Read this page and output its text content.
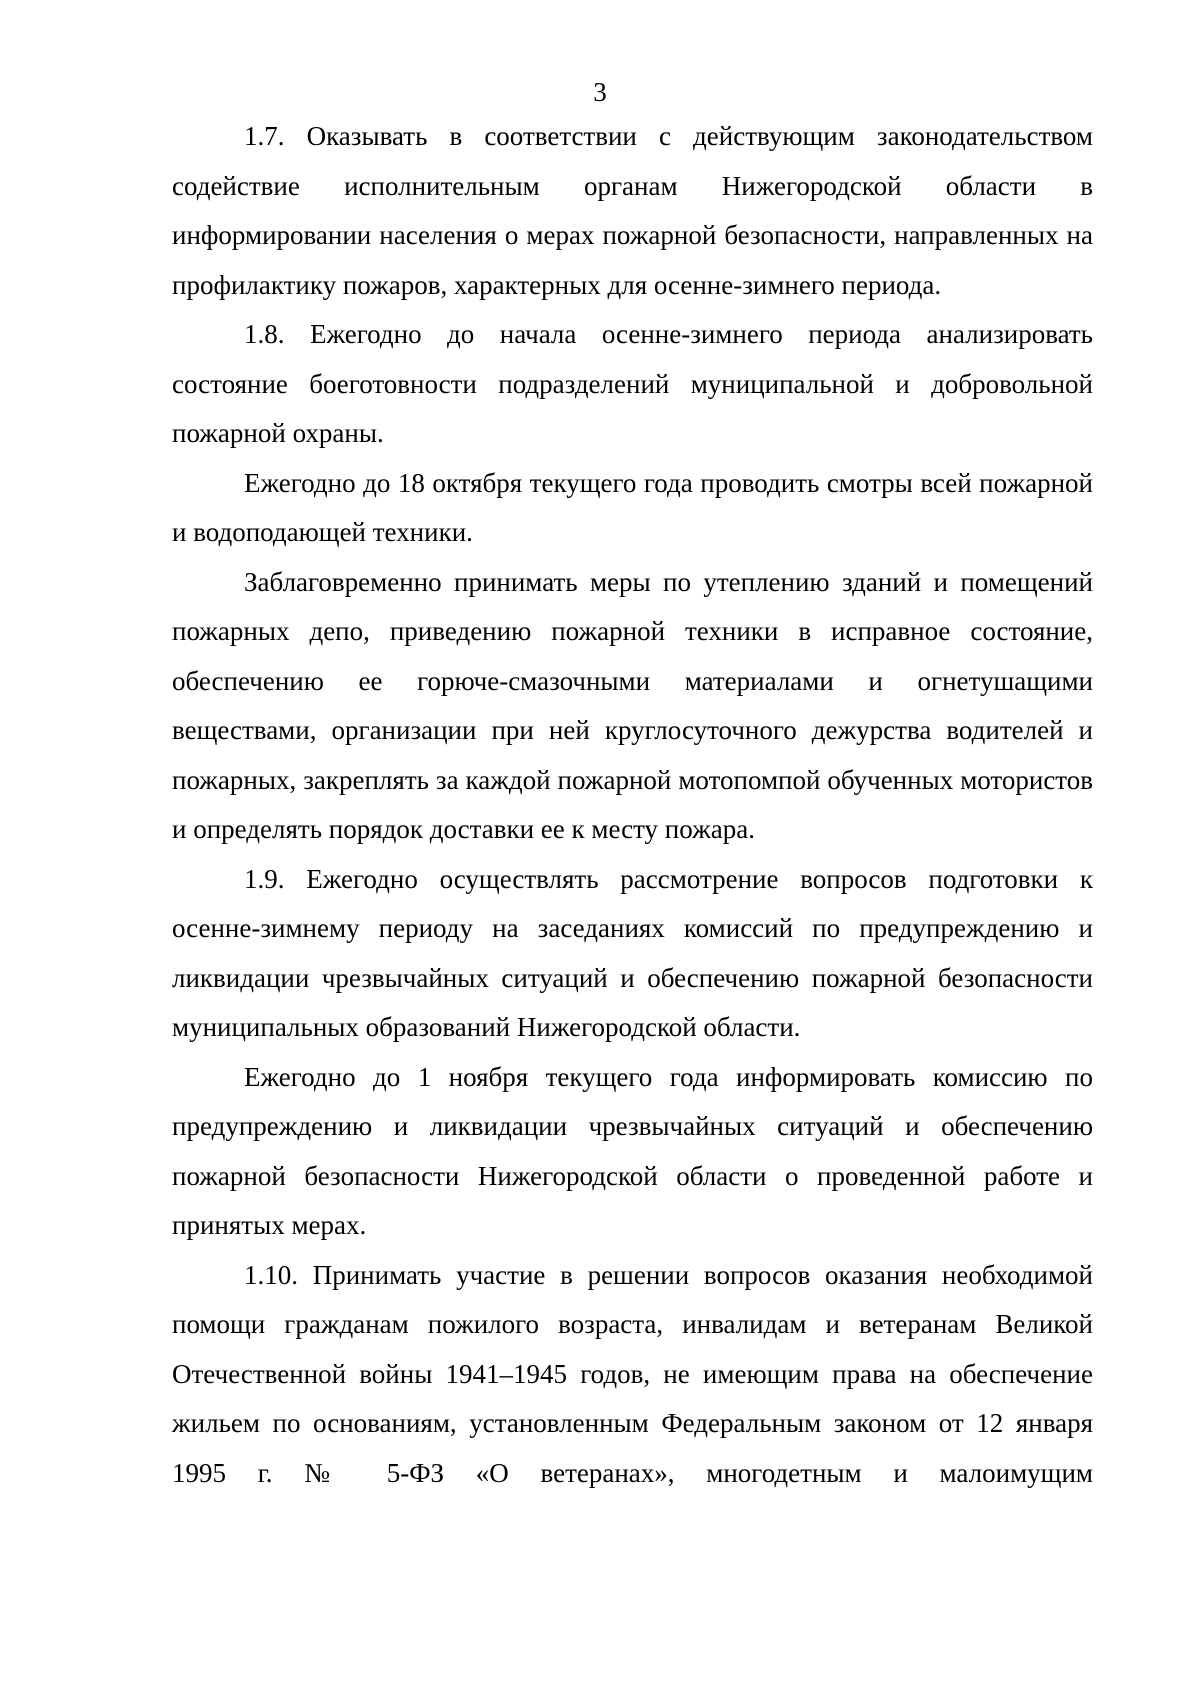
3

1.7. Оказывать в соответствии с действующим законодательством содействие исполнительным органам Нижегородской области в информировании населения о мерах пожарной безопасности, направленных на профилактику пожаров, характерных для осенне-зимнего периода.

1.8. Ежегодно до начала осенне-зимнего периода анализировать состояние боеготовности подразделений муниципальной и добровольной пожарной охраны.

Ежегодно до 18 октября текущего года проводить смотры всей пожарной и водоподающей техники.

Заблаговременно принимать меры по утеплению зданий и помещений пожарных депо, приведению пожарной техники в исправное состояние, обеспечению ее горюче-смазочными материалами и огнетушащими веществами, организации при ней круглосуточного дежурства водителей и пожарных, закреплять за каждой пожарной мотопомпой обученных мотористов и определять порядок доставки ее к месту пожара.

1.9. Ежегодно осуществлять рассмотрение вопросов подготовки к осенне-зимнему периоду на заседаниях комиссий по предупреждению и ликвидации чрезвычайных ситуаций и обеспечению пожарной безопасности муниципальных образований Нижегородской области.

Ежегодно до 1 ноября текущего года информировать комиссию по предупреждению и ликвидации чрезвычайных ситуаций и обеспечению пожарной безопасности Нижегородской области о проведенной работе и принятых мерах.

1.10. Принимать участие в решении вопросов оказания необходимой помощи гражданам пожилого возраста, инвалидам и ветеранам Великой Отечественной войны 1941–1945 годов, не имеющим права на обеспечение жильем по основаниям, установленным Федеральным законом от 12 января 1995 г. № 5-ФЗ «О ветеранах», многодетным и малоимущим
